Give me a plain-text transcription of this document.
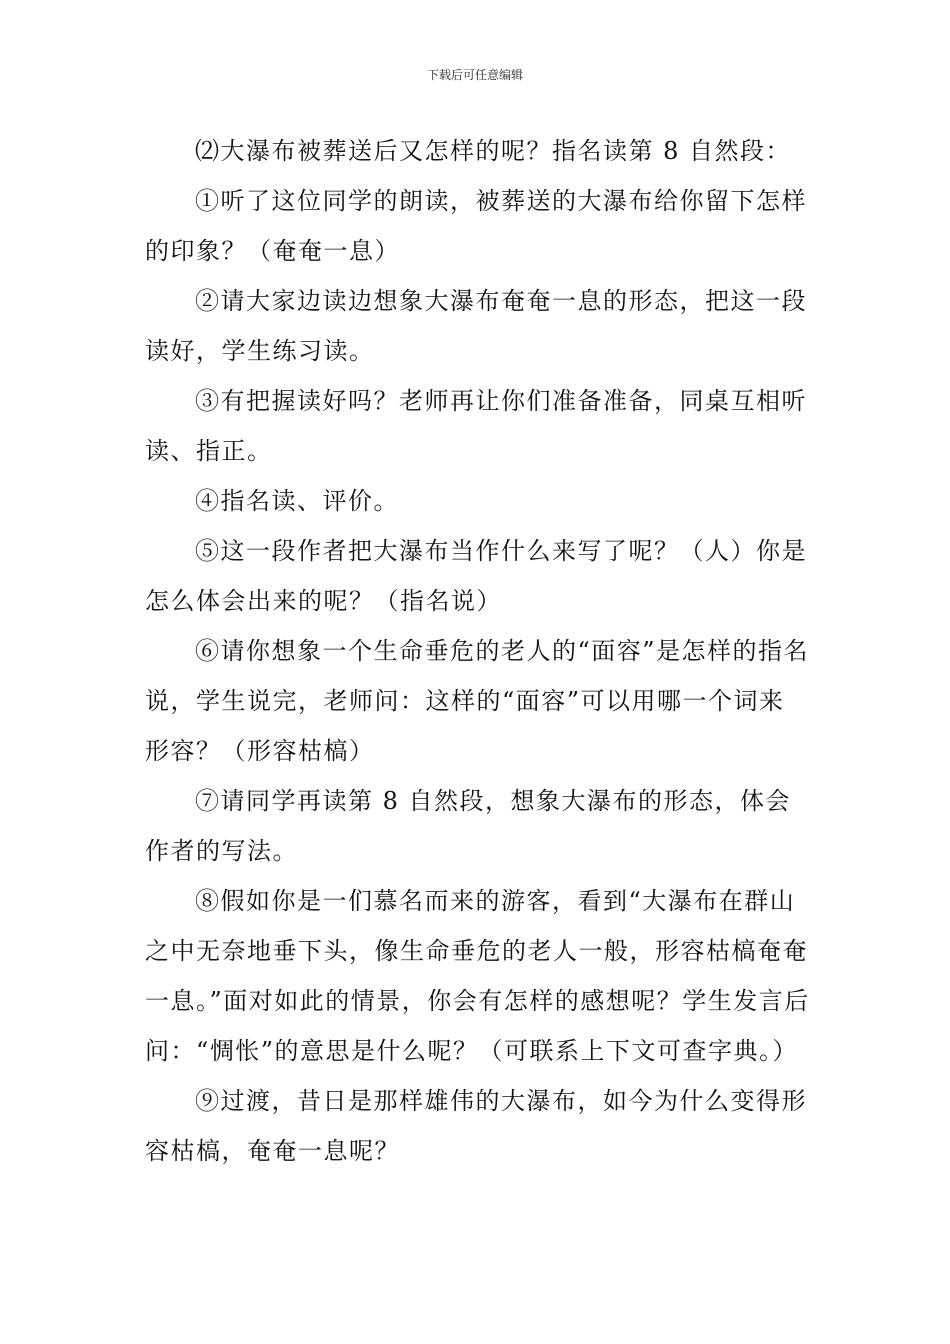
下载后可任意编辑

⑵大瀑布被葬送后又怎样的呢？指名读第 8 自然段：

①听了这位同学的朗读，被葬送的大瀑布给你留下怎样的印象？（奄奄一息）

②请大家边读边想象大瀑布奄奄一息的形态，把这一段读好，学生练习读。

③有把握读好吗？老师再让你们准备准备，同桌互相听读、指正。

④指名读、评价。

⑤这一段作者把大瀑布当作什么来写了呢？（人）你是怎么体会出来的呢？（指名说）

⑥请你想象一个生命垂危的老人的“面容”是怎样的指名说，学生说完，老师问：这样的“面容”可以用哪一个词来形容？（形容枯槁）

⑦请同学再读第 8 自然段，想象大瀑布的形态，体会作者的写法。

⑧假如你是一们慕名而来的游客，看到“大瀑布在群山之中无奈地垂下头，像生命垂危的老人一般，形容枯槁奄奄一息。”面对如此的情景，你会有怎样的感想呢？学生发言后问：“惆怅”的意思是什么呢？（可联系上下文可查字典。）

⑨过渡，昔日是那样雄伟的大瀑布，如今为什么变得形容枯槁，奄奄一息呢？
